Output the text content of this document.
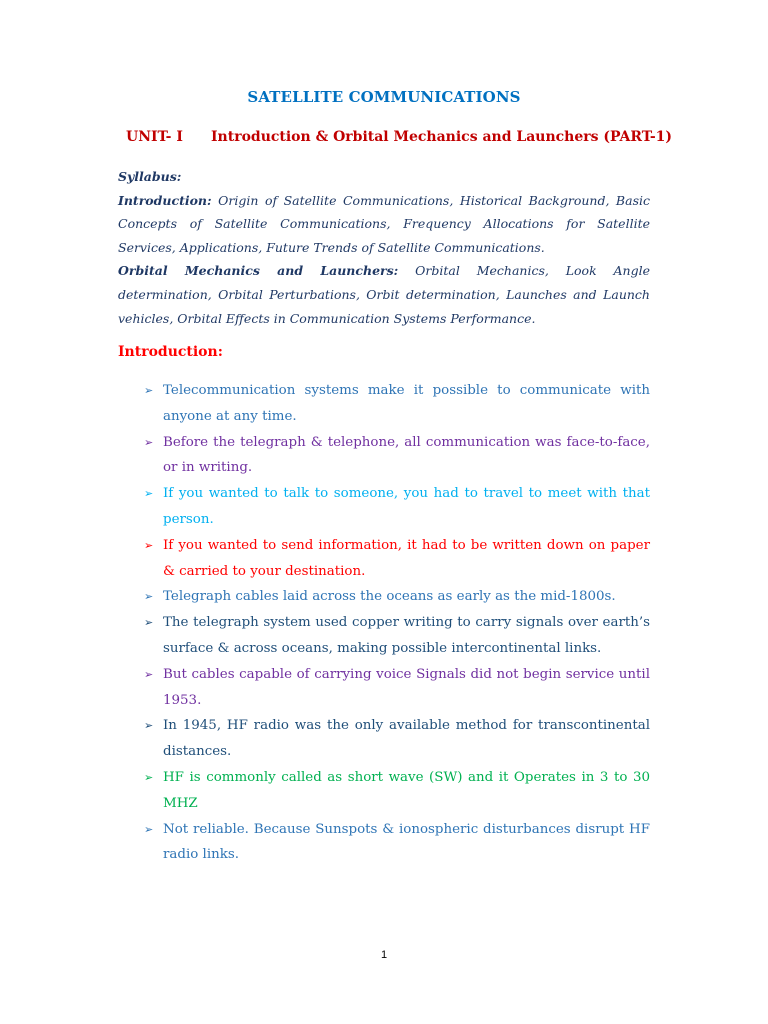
SATELLITE COMMUNICATIONS
UNIT- I Introduction & Orbital Mechanics and Launchers (PART-1)

Syllabus:

Introduction: Origin of Satellite Communications, Historical Background, Basic Concepts of Satellite Communications, Frequency Allocations for Satellite Services, Applications, Future Trends of Satellite Communications.

Orbital Mechanics and Launchers: Orbital Mechanics, Look Angle determination, Orbital Perturbations, Orbit determination, Launches and Launch vehicles, Orbital Effects in Communication Systems Performance.

Introduction:
➢ Telecommunication systems make it possible to communicate with anyone at any time.
➢ Before the telegraph & telephone, all communication was face-to-face, or in writing.
➢ If you wanted to talk to someone, you had to travel to meet with that person.
➢ If you wanted to send information, it had to be written down on paper & carried to your destination.
➢ Telegraph cables laid across the oceans as early as the mid-1800s.
➢ The telegraph system used copper writing to carry signals over earth’s surface & across oceans, making possible intercontinental links.
➢ But cables capable of carrying voice Signals did not begin service until 1953.
➢ In 1945, HF radio was the only available method for transcontinental distances.
➢ HF is commonly called as short wave (SW) and it Operates in 3 to 30 MHZ
➢ Not reliable. Because Sunspots & ionospheric disturbances disrupt HF radio links.
1
